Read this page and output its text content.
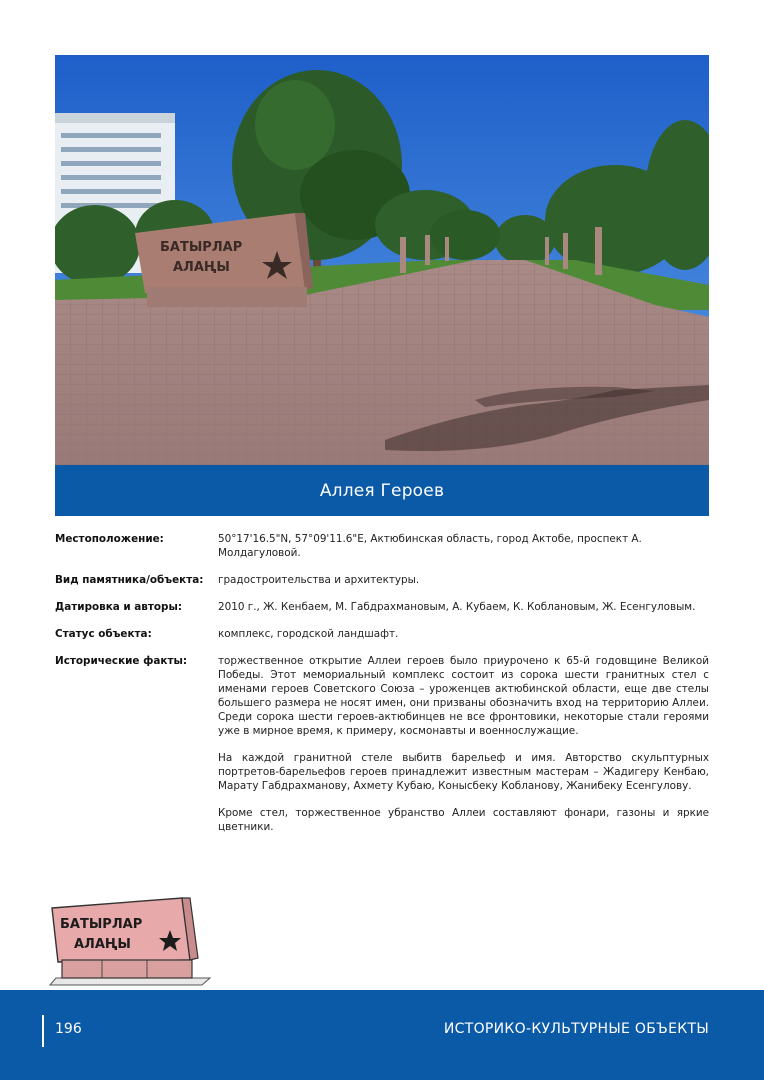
БАТЫРЛАР
АЛАҢЫ
Аллея Героев
Местоположение:	50°17'16.5"N, 57°09'11.6"E, Актюбинская область, город Актобе, проспект А. Молдагуловой.
Вид памятника/объекта:	градостроительства и архитектуры.
Датировка и авторы:	2010 г., Ж. Кенбаем, М. Габдрахмановым, А. Кубаем, К. Коблановым, Ж. Есенгуловым.
Статус объекта:	комплекс, городской ландшафт.
Исторические факты:	торжественное открытие Аллеи героев было приурочено к 65-й годовщине Великой Победы. Этот мемориальный комплекс состоит из сорока шести гранитных стел с именами героев Советского Союза – уроженцев актюбинской области, еще две стелы большего размера не носят имен, они призваны обозначить вход на территорию Аллеи. Среди сорока шести героев-актюбинцев не все фронтовики, некоторые стали героями уже в мирное время, к примеру, космонавты и военнослужащие.

На каждой гранитной стеле выбитв барельеф и имя. Авторство скульптурных портретов-барельефов героев принадлежит известным мастерам – Жадигеру Кенбаю, Марату Габдрахманову, Ахмету Кубаю, Конысбеку Кобланову, Жанибеку Есенгулову.

Кроме стел, торжественное убранство Аллеи составляют фонари, газоны и яркие цветники.

БАТЫРЛАР
АЛАҢЫ
196	ИСТОРИКО-КУЛЬТУРНЫЕ ОБЪЕКТЫ
